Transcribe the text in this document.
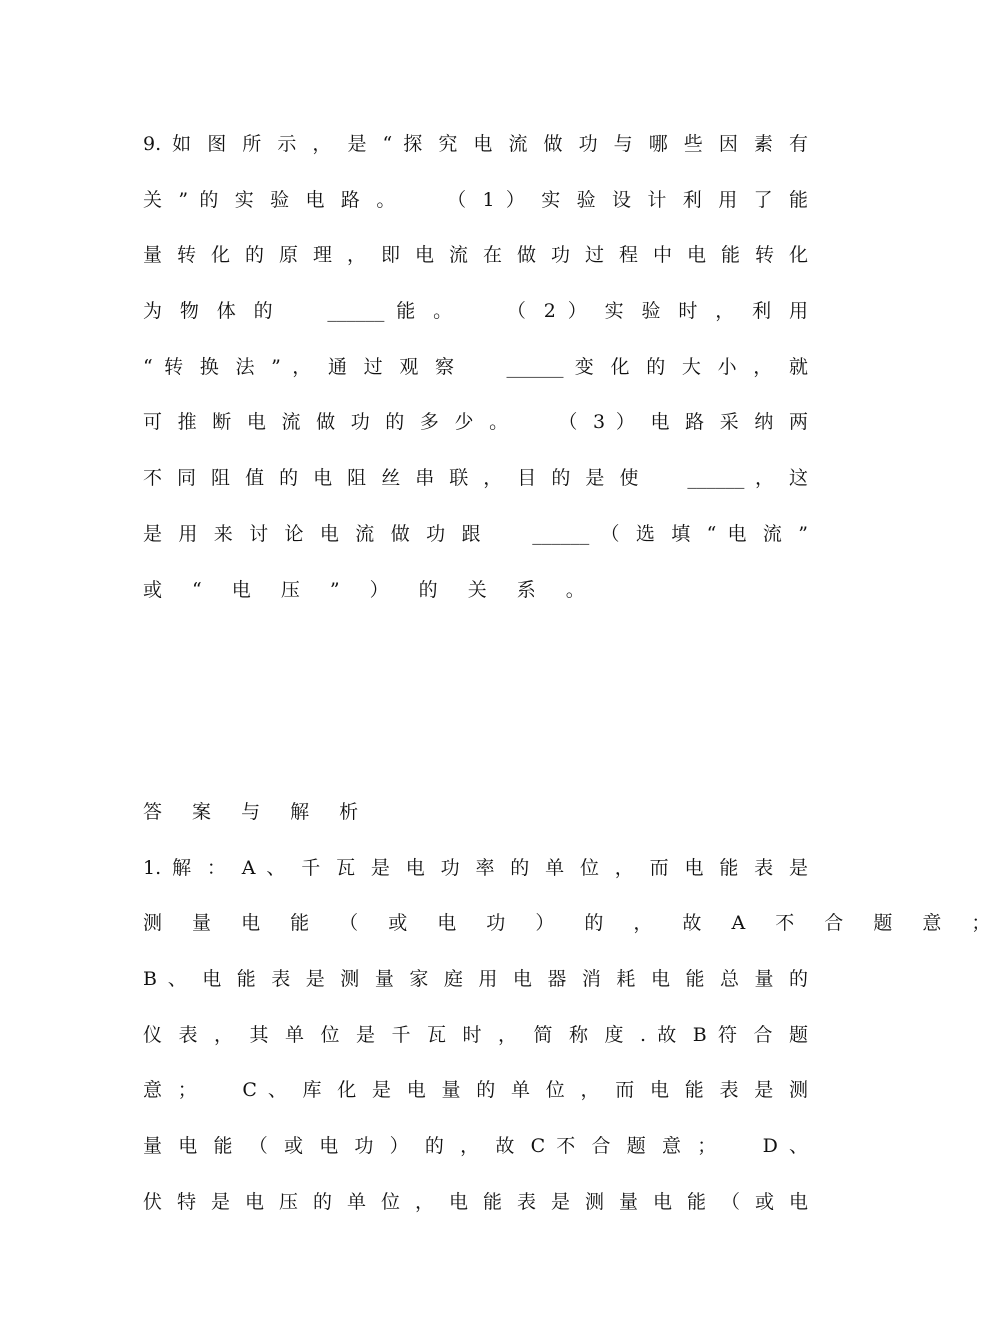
9. 如 图 所 示 ， 是 “ 探 究 电 流 做 功 与 哪 些 因 素 有
关 ” 的 实 验 电 路 。 　 （ 1 ） 实 验 设 计 利 用 了 能
量 转 化 的 原 理 ， 即 电 流 在 做 功 过 程 中 电 能 转 化
为 物 体 的 　 ______ 能 。 　 （ 2 ） 实 验 时 ， 利 用 　
“ 转 换 法 ” ， 通 过 观 察 　 ______ 变 化 的 大 小 ， 就
可 推 断 电 流 做 功 的 多 少 。 　 （ 3 ） 电 路 采 纳 两
不 同 阻 值 的 电 阻 丝 串 联 ， 目 的 是 使 　 ______ ， 这
是 用 来 讨 论 电 流 做 功 跟 　 ______ （ 选 填 “ 电 流 ”
或 “ 电 压 ” ） 的 关 系 。
答 案 与 解 析
1. 解 ： A 、 千 瓦 是 电 功 率 的 单 位 ， 而 电 能 表 是
测 量 电 能 （ 或 电 功 ） 的 ， 故 A 不 合 题 意 ；
B 、 电 能 表 是 测 量 家 庭 用 电 器 消 耗 电 能 总 量 的
仪 表 ， 其 单 位 是 千 瓦 时 ， 简 称 度 . 故 B 符 合 题
意 ； 　 C 、 库 化 是 电 量 的 单 位 ， 而 电 能 表 是 测
量 电 能 （ 或 电 功 ） 的 ， 故 C 不 合 题 意 ； 　 D 、
伏 特 是 电 压 的 单 位 ， 电 能 表 是 测 量 电 能 （ 或 电
